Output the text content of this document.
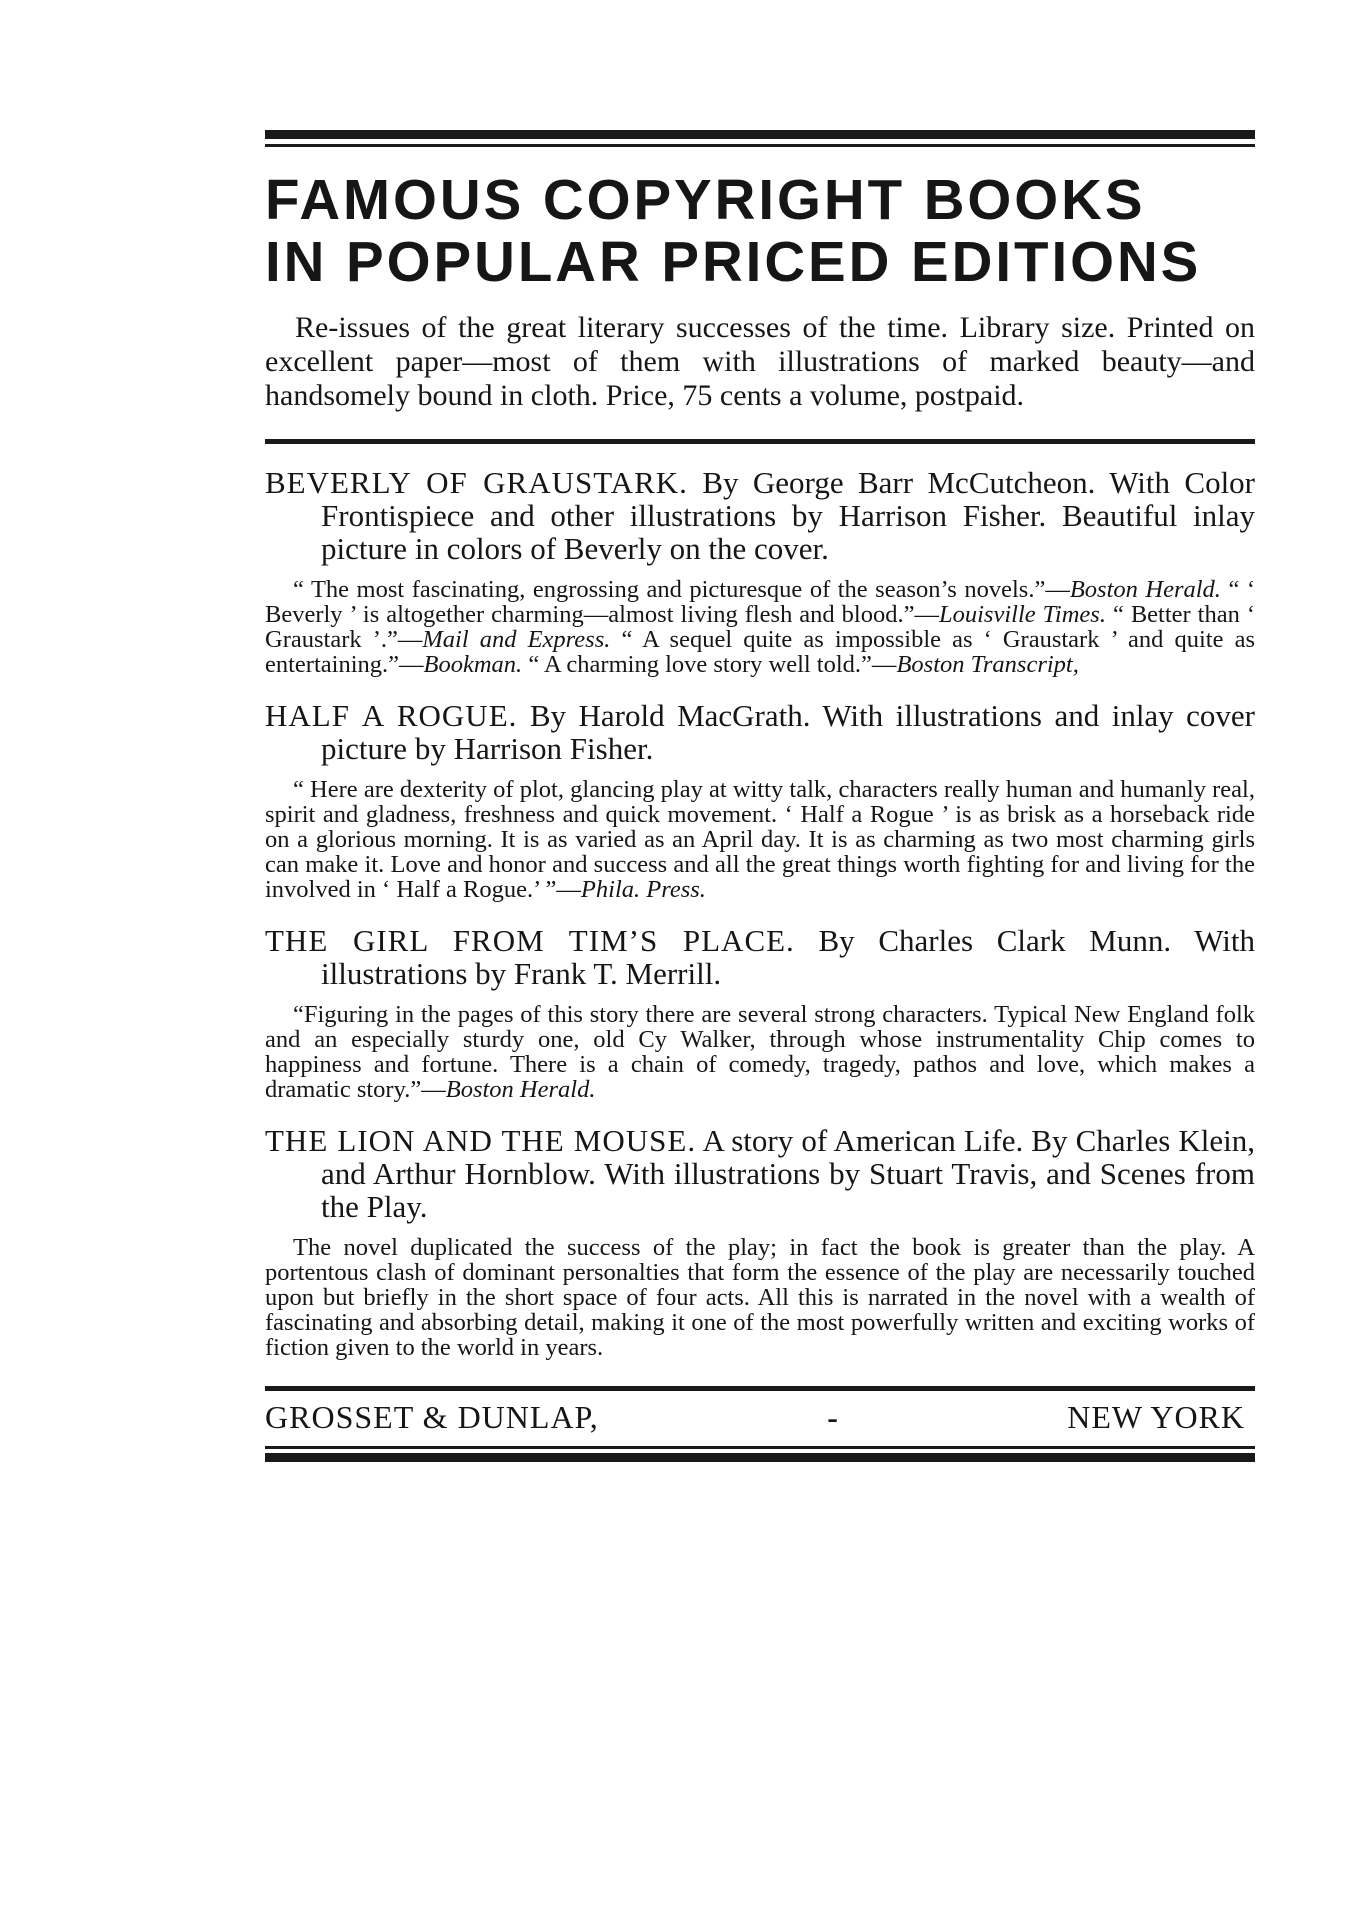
FAMOUS COPYRIGHT BOOKS
IN POPULAR PRICED EDITIONS

Re-issues of the great literary successes of the time. Library size. Printed on excellent paper—most of them with illustrations of marked beauty—and handsomely bound in cloth. Price, 75 cents a volume, postpaid.

BEVERLY OF GRAUSTARK. By George Barr McCutcheon. With Color Frontispiece and other illustrations by Harrison Fisher. Beautiful inlay picture in colors of Beverly on the cover.

“ The most fascinating, engrossing and picturesque of the season’s novels.”—Boston Herald. “ ‘ Beverly ’ is altogether charming—almost living flesh and blood.”—Louisville Times. “ Better than ‘ Graustark ’.”—Mail and Express. “ A sequel quite as impossible as ‘ Graustark ’ and quite as entertaining.”—Bookman. “ A charming love story well told.”—Boston Transcript,

HALF A ROGUE. By Harold MacGrath. With illustrations and inlay cover picture by Harrison Fisher.

“ Here are dexterity of plot, glancing play at witty talk, characters really human and humanly real, spirit and gladness, freshness and quick movement. ‘ Half a Rogue ’ is as brisk as a horseback ride on a glorious morning. It is as varied as an April day. It is as charming as two most charming girls can make it. Love and honor and success and all the great things worth fighting for and living for the involved in ‘ Half a Rogue.’ ”—Phila. Press.

THE GIRL FROM TIM’S PLACE. By Charles Clark Munn. With illustrations by Frank T. Merrill.

“Figuring in the pages of this story there are several strong characters. Typical New England folk and an especially sturdy one, old Cy Walker, through whose instrumentality Chip comes to happiness and fortune. There is a chain of comedy, tragedy, pathos and love, which makes a dramatic story.”—Boston Herald.

THE LION AND THE MOUSE. A story of American Life. By Charles Klein, and Arthur Hornblow. With illustrations by Stuart Travis, and Scenes from the Play.

The novel duplicated the success of the play; in fact the book is greater than the play. A portentous clash of dominant personalties that form the essence of the play are necessarily touched upon but briefly in the short space of four acts. All this is narrated in the novel with a wealth of fascinating and absorbing detail, making it one of the most powerfully written and exciting works of fiction given to the world in years.

GROSSET & DUNLAP,	-	NEW YORK
